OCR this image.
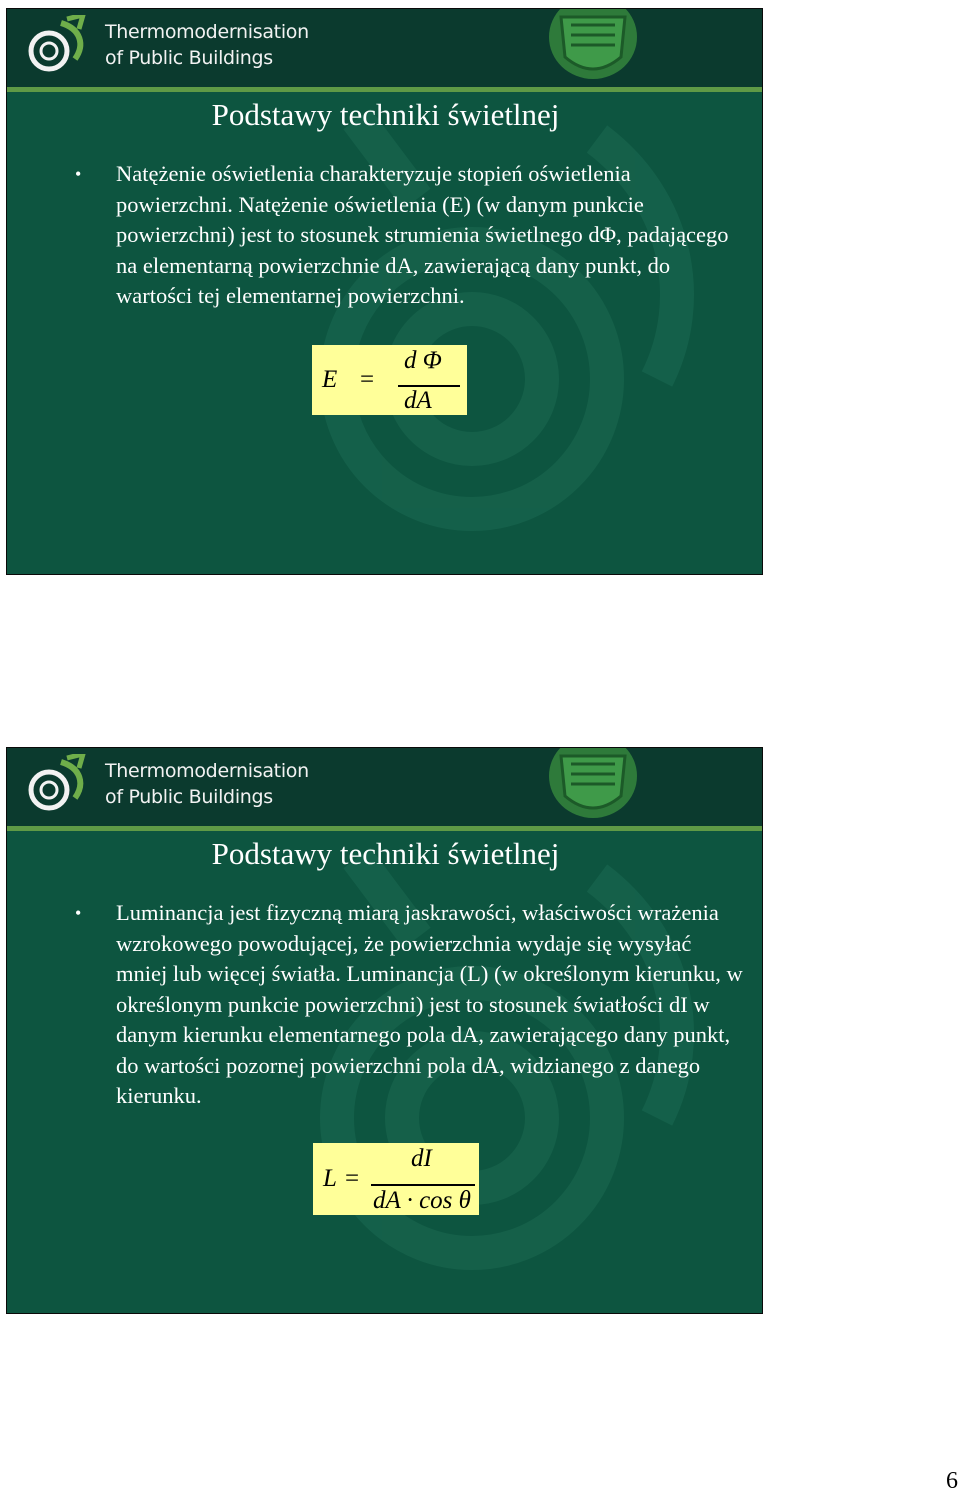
Thermomodernisation
of Public Buildings
Podstawy techniki świetlnej
• Natężenie oświetlenia charakteryzuje stopień oświetlenia powierzchni. Natężenie oświetlenia (E) (w danym punkcie powierzchni) jest to stosunek strumienia świetlnego dΦ, padającego na elementarną powierzchnie dA, zawierającą dany punkt, do wartości tej elementarnej powierzchni.
E =
d Φ
dA
Thermomodernisation
of Public Buildings
Podstawy techniki świetlnej
• Luminancja jest fizyczną miarą jaskrawości, właściwości wrażenia wzrokowego powodującej, że powierzchnia wydaje się wysyłać mniej lub więcej światła. Luminancja (L) (w określonym kierunku, w określonym punkcie powierzchni) jest to stosunek światłości dI w danym kierunku elementarnego pola dA, zawierającego dany punkt, do wartości pozornej powierzchni pola dA, widzianego z danego kierunku.
L =
dI
dA · cos θ
6
